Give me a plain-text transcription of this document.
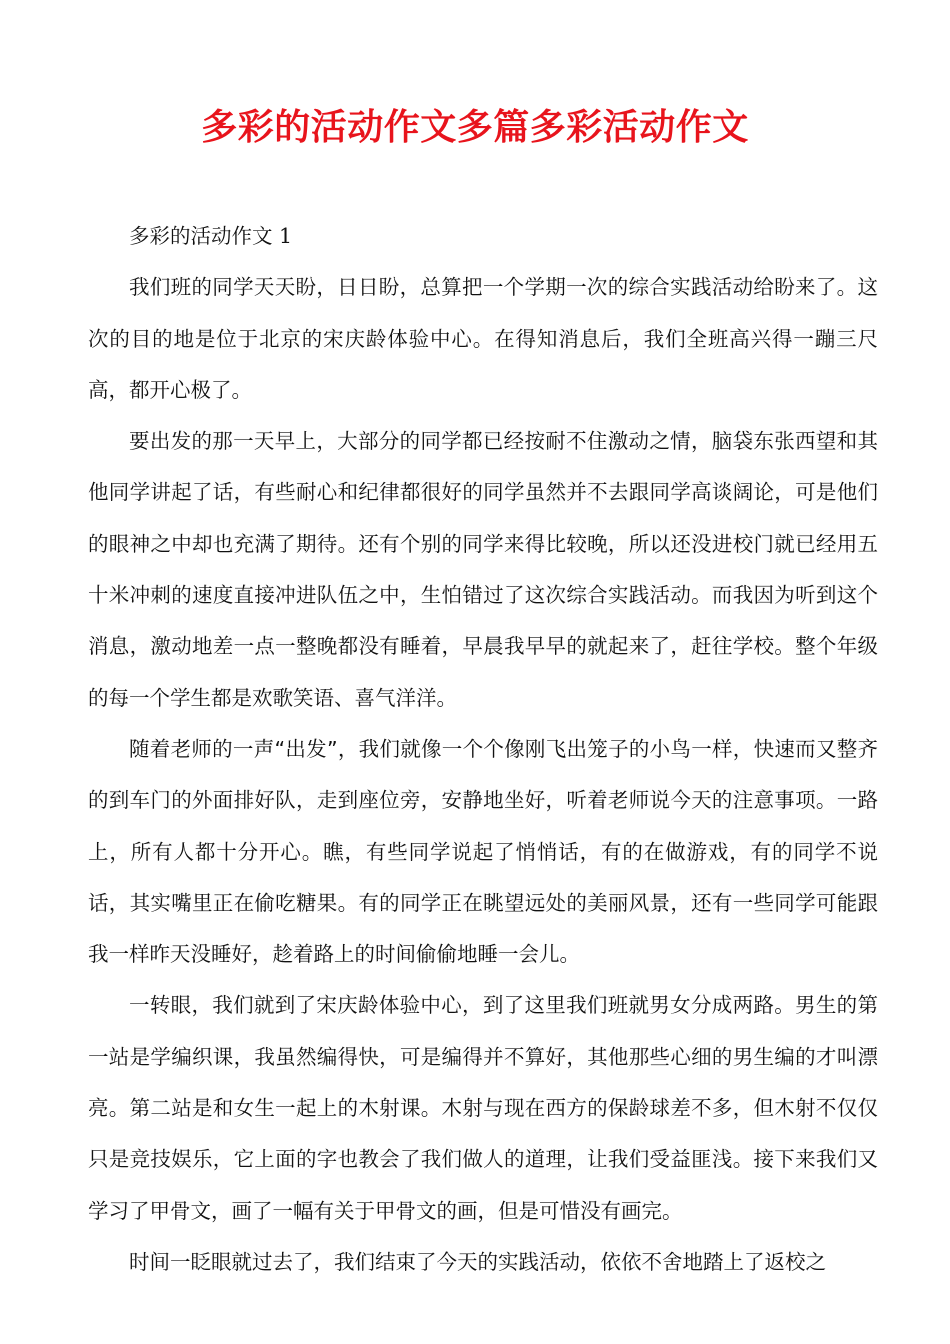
多彩的活动作文多篇多彩活动作文

多彩的活动作文 1

我们班的同学天天盼，日日盼，总算把一个学期一次的综合实践活动给盼来了。这次的目的地是位于北京的宋庆龄体验中心。在得知消息后，我们全班高兴得一蹦三尺高，都开心极了。

要出发的那一天早上，大部分的同学都已经按耐不住激动之情，脑袋东张西望和其他同学讲起了话，有些耐心和纪律都很好的同学虽然并不去跟同学高谈阔论，可是他们的眼神之中却也充满了期待。还有个别的同学来得比较晚，所以还没进校门就已经用五十米冲刺的速度直接冲进队伍之中，生怕错过了这次综合实践活动。而我因为听到这个消息，激动地差一点一整晚都没有睡着，早晨我早早的就起来了，赶往学校。整个年级的每一个学生都是欢歌笑语、喜气洋洋。

随着老师的一声“出发”，我们就像一个个像刚飞出笼子的小鸟一样，快速而又整齐的到车门的外面排好队，走到座位旁，安静地坐好，听着老师说今天的注意事项。一路上，所有人都十分开心。瞧，有些同学说起了悄悄话，有的在做游戏，有的同学不说话，其实嘴里正在偷吃糖果。有的同学正在眺望远处的美丽风景，还有一些同学可能跟我一样昨天没睡好，趁着路上的时间偷偷地睡一会儿。

一转眼，我们就到了宋庆龄体验中心，到了这里我们班就男女分成两路。男生的第一站是学编织课，我虽然编得快，可是编得并不算好，其他那些心细的男生编的才叫漂亮。第二站是和女生一起上的木射课。木射与现在西方的保龄球差不多，但木射不仅仅只是竞技娱乐，它上面的字也教会了我们做人的道理，让我们受益匪浅。接下来我们又学习了甲骨文，画了一幅有关于甲骨文的画，但是可惜没有画完。

时间一眨眼就过去了，我们结束了今天的实践活动，依依不舍地踏上了返校之
